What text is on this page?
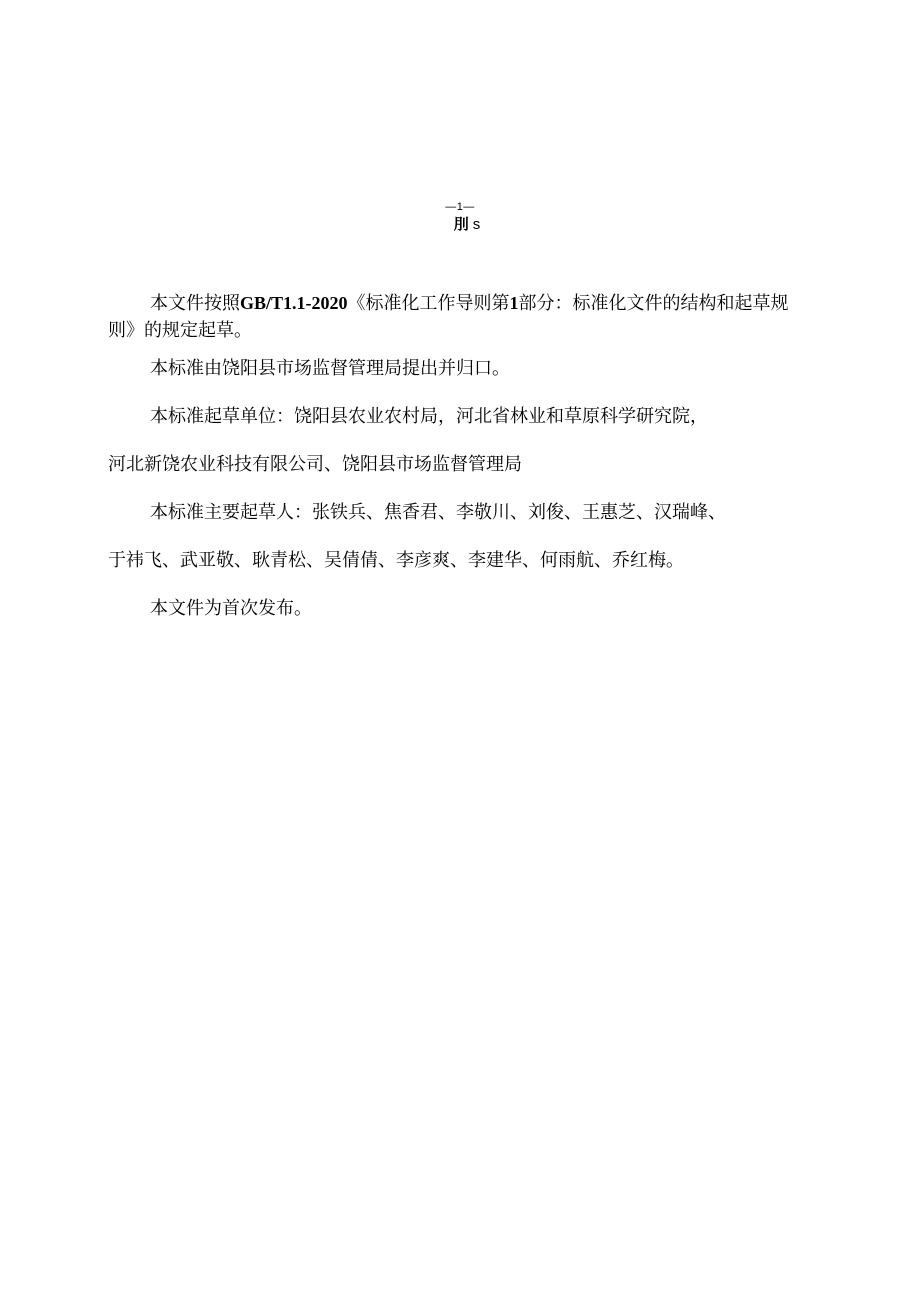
—1—
刖 s
本文件按照GB/T1.1-2020《标准化工作导则第1部分：标准化文件的结构和起草规
则》的规定起草。
本标准由饶阳县市场监督管理局提出并归口。
本标准起草单位：饶阳县农业农村局，河北省林业和草原科学研究院，
河北新饶农业科技有限公司、饶阳县市场监督管理局
本标准主要起草人：张铁兵、焦香君、李敬川、刘俊、王惠芝、汉瑞峰、
于祎飞、武亚敬、耿青松、吴倩倩、李彦爽、李建华、何雨航、乔红梅。
本文件为首次发布。
